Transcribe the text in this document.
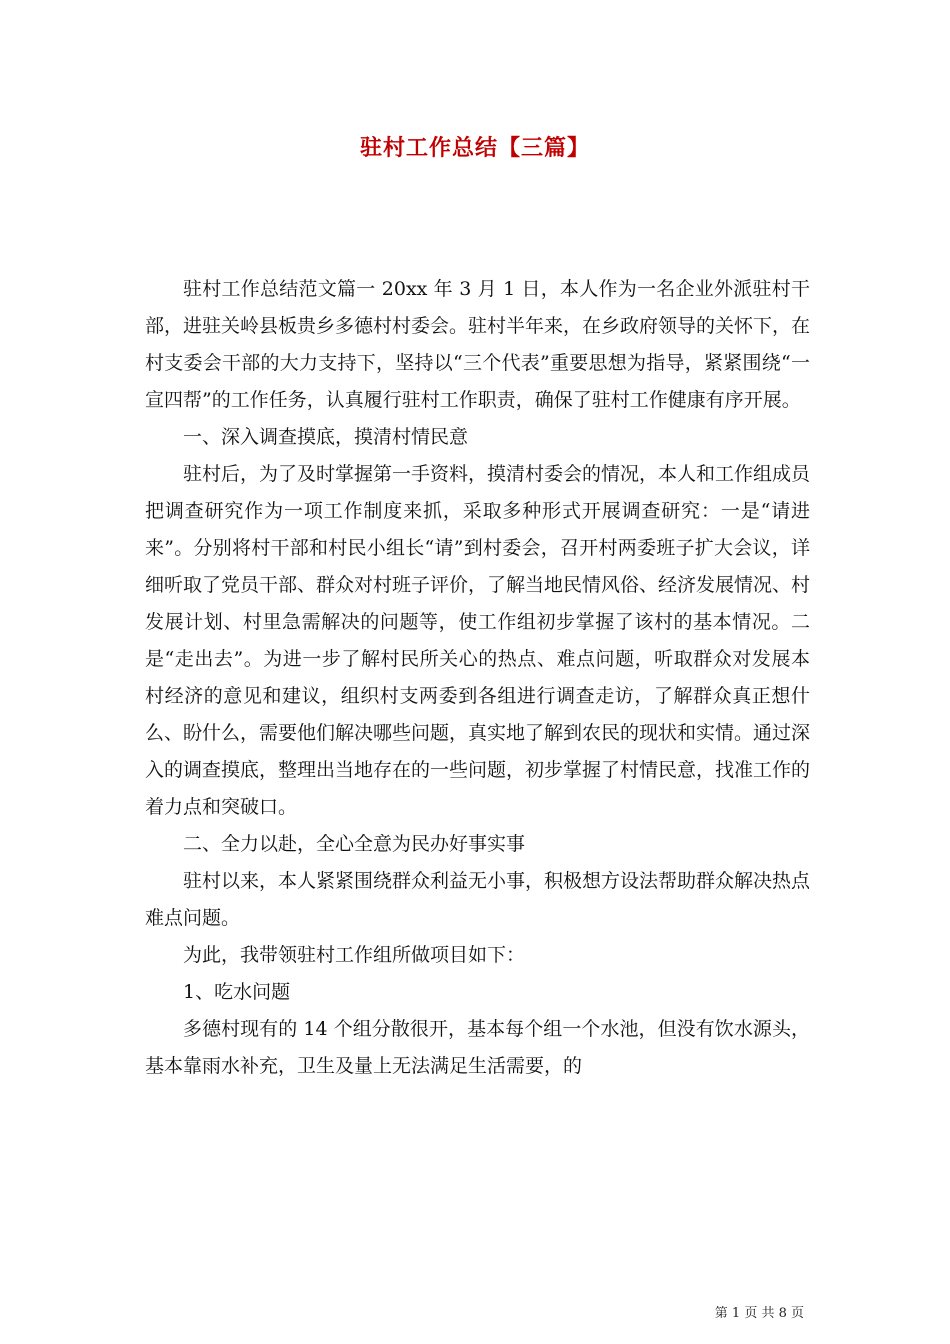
驻村工作总结【三篇】

驻村工作总结范文篇一 20xx 年 3 月 1 日，本人作为一名企业外派驻村干部，进驻关岭县板贵乡多德村村委会。驻村半年来，在乡政府领导的关怀下，在村支委会干部的大力支持下，坚持以“三个代表”重要思想为指导，紧紧围绕“一宣四帮”的工作任务，认真履行驻村工作职责，确保了驻村工作健康有序开展。

一、深入调查摸底，摸清村情民意

驻村后，为了及时掌握第一手资料，摸清村委会的情况，本人和工作组成员把调查研究作为一项工作制度来抓，采取多种形式开展调查研究：一是“请进来”。分别将村干部和村民小组长“请”到村委会，召开村两委班子扩大会议，详细听取了党员干部、群众对村班子评价，了解当地民情风俗、经济发展情况、村发展计划、村里急需解决的问题等，使工作组初步掌握了该村的基本情况。二是“走出去”。为进一步了解村民所关心的热点、难点问题，听取群众对发展本村经济的意见和建议，组织村支两委到各组进行调查走访，了解群众真正想什么、盼什么，需要他们解决哪些问题，真实地了解到农民的现状和实情。通过深入的调查摸底，整理出当地存在的一些问题，初步掌握了村情民意，找准工作的着力点和突破口。

二、全力以赴，全心全意为民办好事实事

驻村以来，本人紧紧围绕群众利益无小事，积极想方设法帮助群众解决热点难点问题。

为此，我带领驻村工作组所做项目如下：

1、吃水问题

多德村现有的 14 个组分散很开，基本每个组一个水池，但没有饮水源头，基本靠雨水补充，卫生及量上无法满足生活需要，的

第 1 页 共 8 页
